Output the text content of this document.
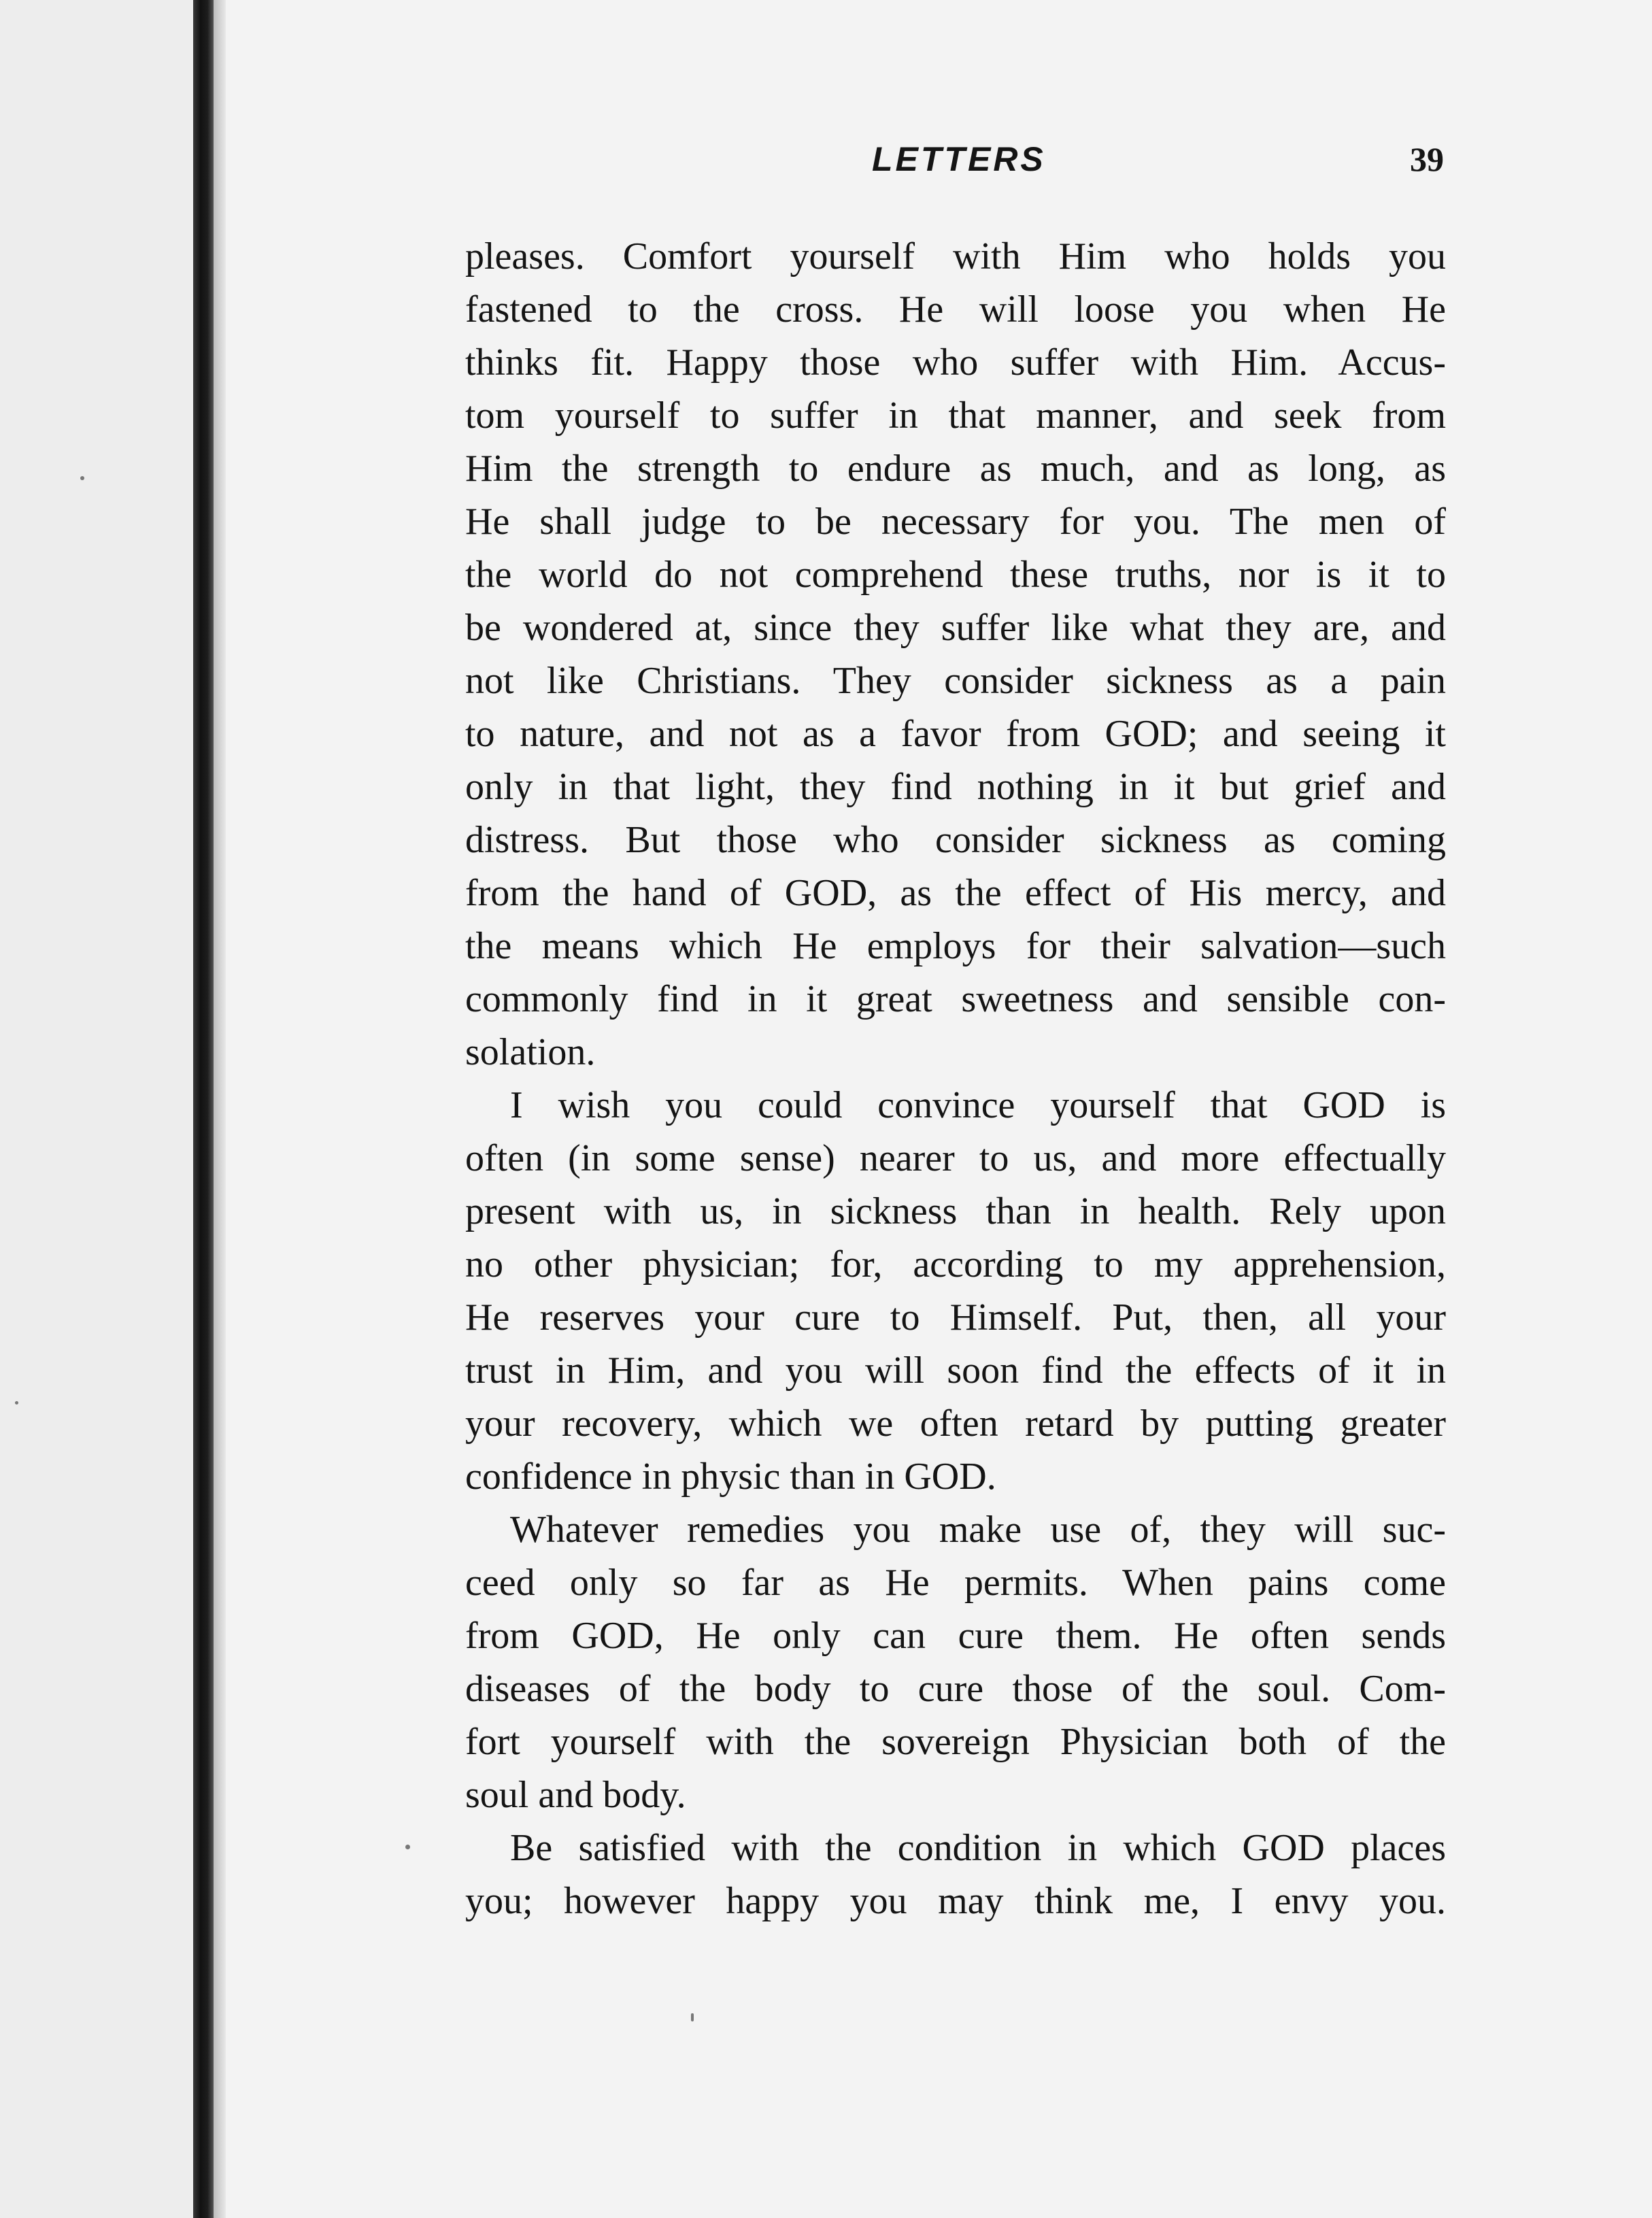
LETTERS	39
pleases. Comfort yourself with Him who holds you
fastened to the cross. He will loose you when He
thinks fit. Happy those who suffer with Him. Accus-
tom yourself to suffer in that manner, and seek from
Him the strength to endure as much, and as long, as
He shall judge to be necessary for you. The men of
the world do not comprehend these truths, nor is it to
be wondered at, since they suffer like what they are, and
not like Christians. They consider sickness as a pain
to nature, and not as a favor from GOD; and seeing it
only in that light, they find nothing in it but grief and
distress. But those who consider sickness as coming
from the hand of GOD, as the effect of His mercy, and
the means which He employs for their salvation—such
commonly find in it great sweetness and sensible con-
solation.
I wish you could convince yourself that GOD is
often (in some sense) nearer to us, and more effectually
present with us, in sickness than in health. Rely upon
no other physician; for, according to my apprehension,
He reserves your cure to Himself. Put, then, all your
trust in Him, and you will soon find the effects of it in
your recovery, which we often retard by putting greater
confidence in physic than in GOD.
Whatever remedies you make use of, they will suc-
ceed only so far as He permits. When pains come
from GOD, He only can cure them. He often sends
diseases of the body to cure those of the soul. Com-
fort yourself with the sovereign Physician both of the
soul and body.
Be satisfied with the condition in which GOD places
you; however happy you may think me, I envy you.
